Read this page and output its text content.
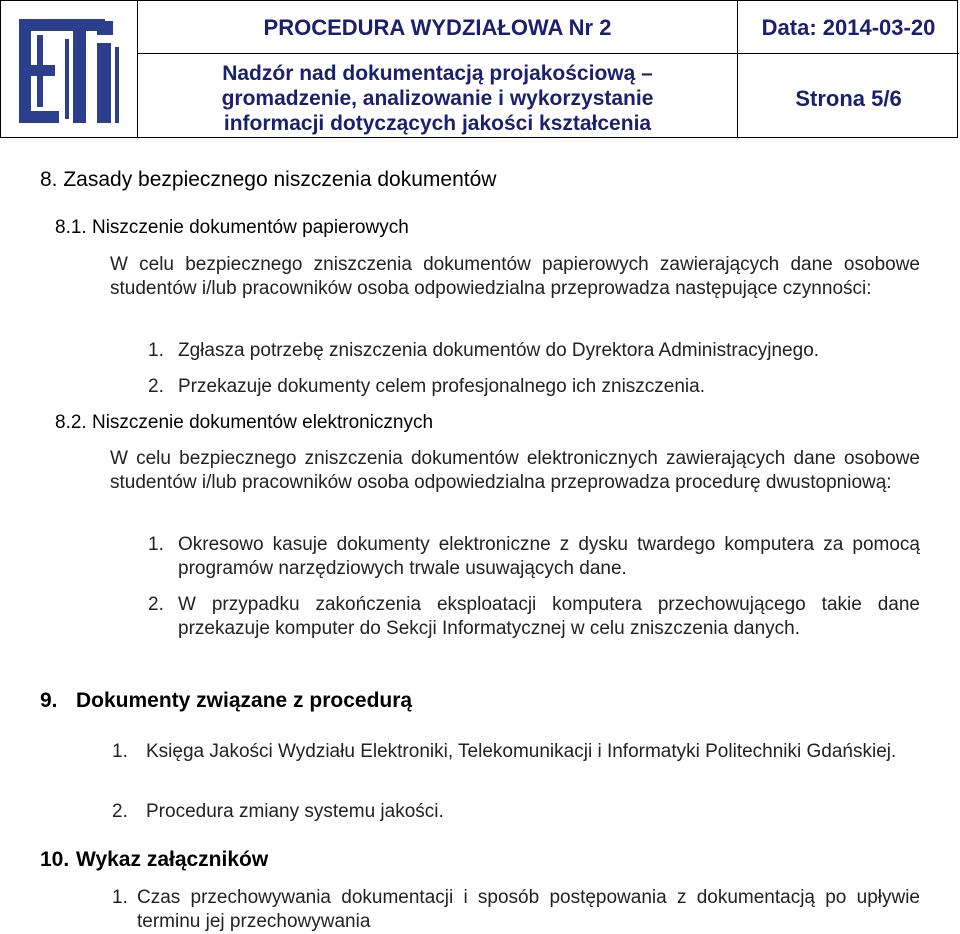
PROCEDURA WYDZIAŁOWA Nr 2
Nadzór nad dokumentacją projakościową –
gromadzenie, analizowanie i wykorzystanie
informacji dotyczących jakości kształcenia
Data: 2014-03-20
Strona 5/6
8. Zasady bezpiecznego niszczenia dokumentów
8.1. Niszczenie dokumentów papierowych
W celu bezpiecznego zniszczenia dokumentów papierowych zawierających dane osobowe studentów i/lub pracowników osoba odpowiedzialna przeprowadza następujące czynności:
1. Zgłasza potrzebę zniszczenia dokumentów do Dyrektora Administracyjnego.
2. Przekazuje dokumenty celem profesjonalnego ich zniszczenia.
8.2. Niszczenie dokumentów elektronicznych
W celu bezpiecznego zniszczenia dokumentów elektronicznych zawierających dane osobowe studentów i/lub pracowników osoba odpowiedzialna przeprowadza procedurę dwustopniową:
1. Okresowo kasuje dokumenty elektroniczne z dysku twardego komputera za pomocą programów narzędziowych trwale usuwających dane.
2. W przypadku zakończenia eksploatacji komputera przechowującego takie dane przekazuje komputer do Sekcji Informatycznej w celu zniszczenia danych.
9. Dokumenty związane z procedurą
1. Księga Jakości Wydziału Elektroniki, Telekomunikacji i Informatyki Politechniki Gdańskiej.
2. Procedura zmiany systemu jakości.
10. Wykaz załączników
1. Czas przechowywania dokumentacji i sposób postępowania z dokumentacją po upływie terminu jej przechowywania
